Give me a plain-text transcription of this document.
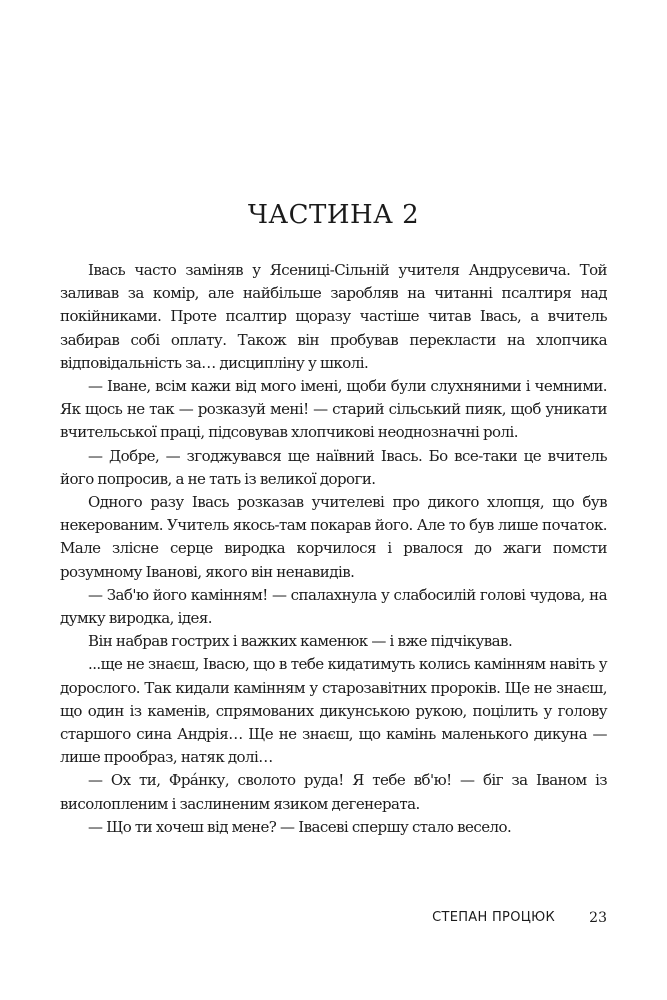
ЧАСТИНА 2

Івась часто заміняв у Ясениці-Сільній учителя Андрусевича. Той заливав за комір, але найбільше заробляв на читанні псалтиря над покійниками. Проте псалтир щоразу частіше читав Івась, а вчитель забирав собі оплату. Також він пробував перекласти на хлопчика відповідальність за… дисципліну у школі.

— Іване, всім кажи від мого імені, щоби були слухняними і чемними. Як щось не так — розказуй мені! — старий сільський пияк, щоб уникати вчительської праці, підсовував хлопчикові неоднозначні ролі.

— Добре, — згоджувався ще наївний Івась. Бо все-таки це вчитель його попросив, а не тать із великої дороги.

Одного разу Івась розказав учителеві про дикого хлопця, що був некерованим. Учитель якось-там покарав його. Але то був лише початок. Мале злісне серце виродка корчилося і рвалося до жаги помсти розумному Іванові, якого він ненавидів.

— Заб'ю його камінням! — спалахнула у слабосилій голові чудова, на думку виродка, ідея.

Він набрав гострих і важких каменюк — і вже підчікував.

...ще не знаєш, Івасю, що в тебе кидатимуть колись камінням навіть у дорослого. Так кидали камінням у старозавітних пророків. Ще не знаєш, що один із каменів, спрямованих дикунською рукою, поцілить у голову старшого сина Андрія… Ще не знаєш, що камінь маленького дикуна — лише прообраз, натяк долі…

— Ох ти, Фрáнку, сволото руда! Я тебе вб'ю! — біг за Іваном із висолопленим і заслиненим язиком дегенерата.

— Що ти хочеш від мене? — Івасеві спершу стало весело.

СТЕПАН ПРОЦЮК 23
